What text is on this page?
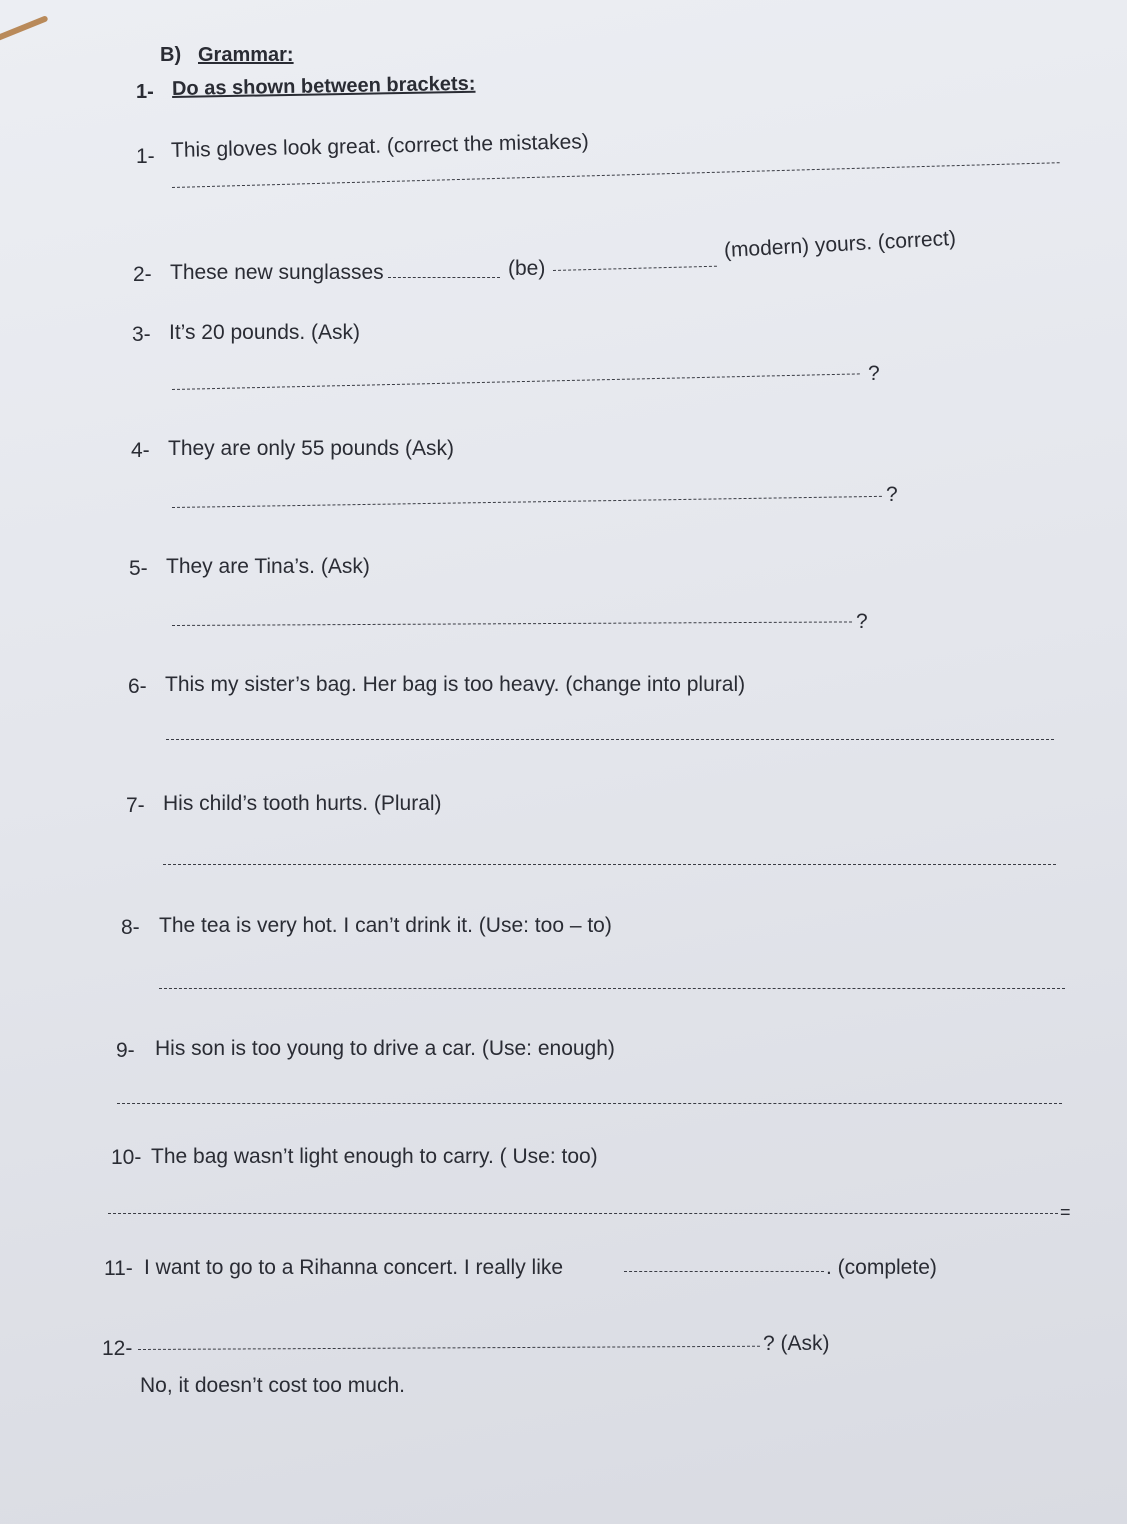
B) Grammar:
1- Do as shown between brackets:
1- This gloves look great. (correct the mistakes)
2- These new sunglasses	(be)
(modern) yours. (correct)
3- It’s 20 pounds. (Ask)
?
4- They are only 55 pounds (Ask)
?
5- They are Tina’s. (Ask)
?
6- This my sister’s bag. Her bag is too heavy. (change into plural)
7- His child’s tooth hurts. (Plural)
8- The tea is very hot. I can’t drink it. (Use: too – to)
9- His son is too young to drive a car. (Use: enough)
10- The bag wasn’t light enough to carry. ( Use: too)
=
11- I want to go to a Rihanna concert. I really like	. (complete)
12-	? (Ask)
No, it doesn’t cost too much.
